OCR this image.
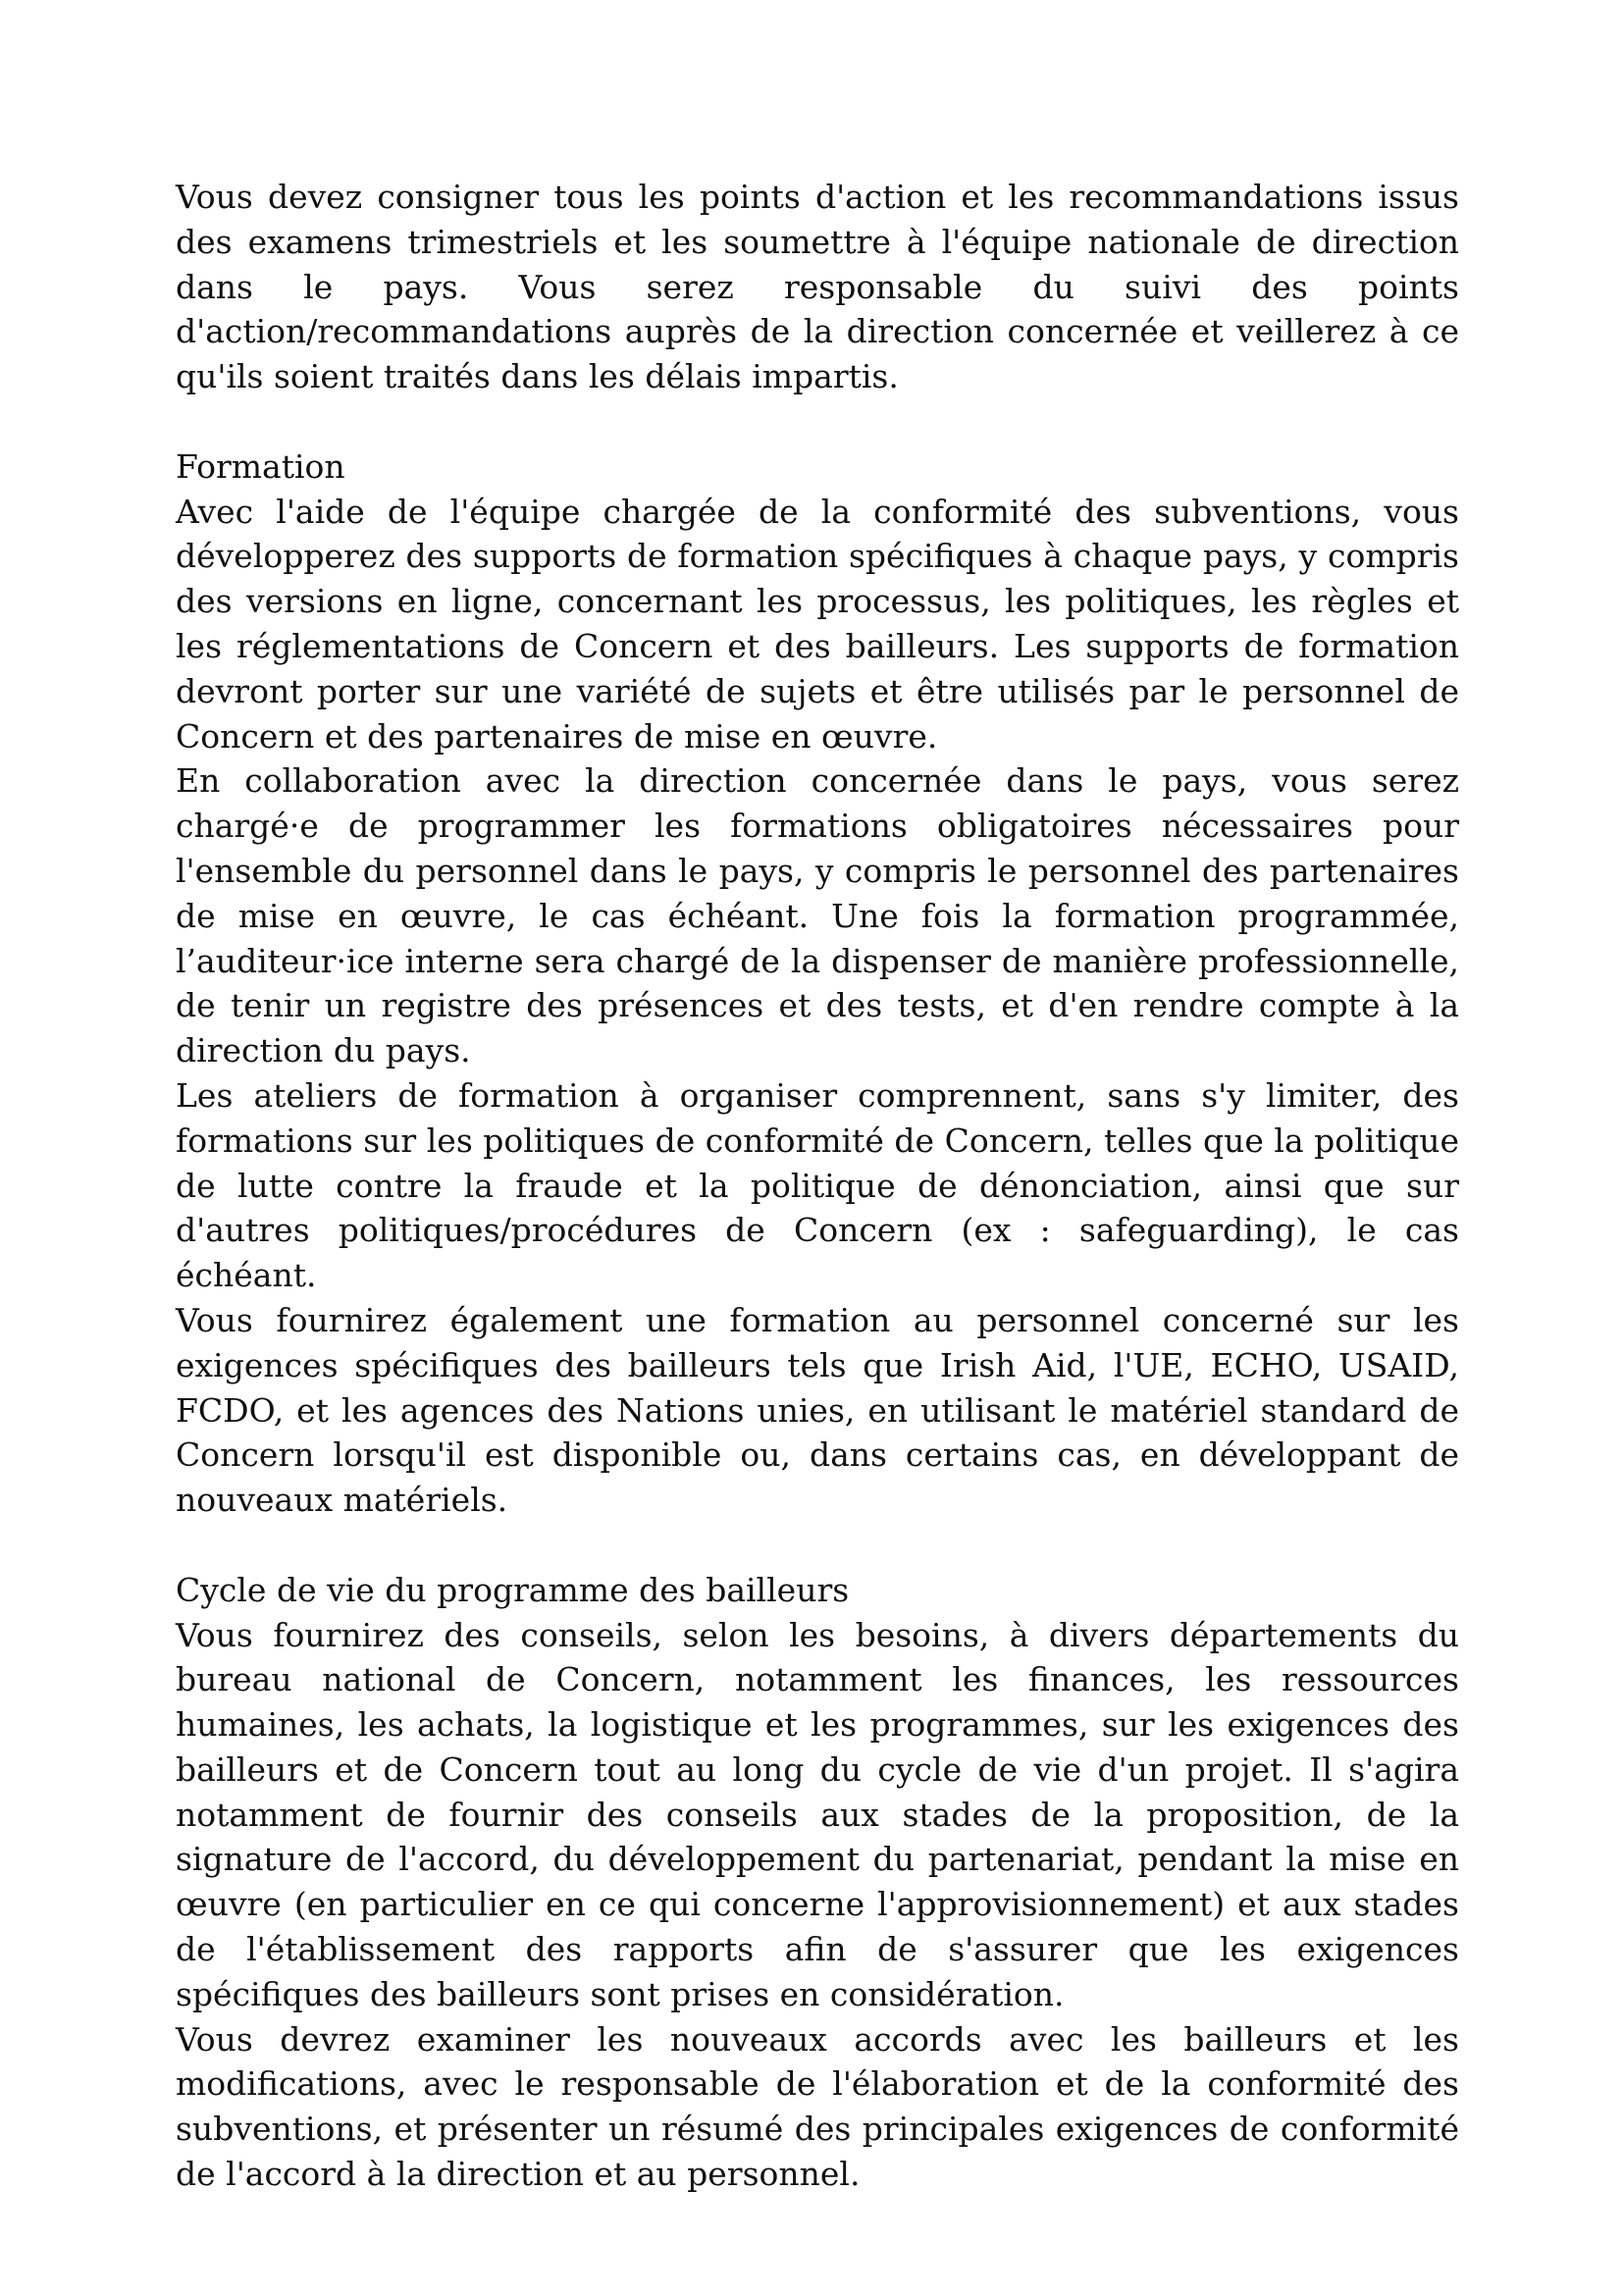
Vous devez consigner tous les points d'action et les recommandations issus des examens trimestriels et les soumettre à l'équipe nationale de direction dans le pays. Vous serez responsable du suivi des points d'action/recommandations auprès de la direction concernée et veillerez à ce qu'ils soient traités dans les délais impartis.

Formation

Avec l'aide de l'équipe chargée de la conformité des subventions, vous développerez des supports de formation spécifiques à chaque pays, y compris des versions en ligne, concernant les processus, les politiques, les règles et les réglementations de Concern et des bailleurs. Les supports de formation devront porter sur une variété de sujets et être utilisés par le personnel de Concern et des partenaires de mise en œuvre.

En collaboration avec la direction concernée dans le pays, vous serez chargé·e de programmer les formations obligatoires nécessaires pour l'ensemble du personnel dans le pays, y compris le personnel des partenaires de mise en œuvre, le cas échéant. Une fois la formation programmée, l’auditeur·ice interne sera chargé de la dispenser de manière professionnelle, de tenir un registre des présences et des tests, et d'en rendre compte à la direction du pays.

Les ateliers de formation à organiser comprennent, sans s'y limiter, des formations sur les politiques de conformité de Concern, telles que la politique de lutte contre la fraude et la politique de dénonciation, ainsi que sur d'autres politiques/procédures de Concern (ex : safeguarding), le cas échéant.

Vous fournirez également une formation au personnel concerné sur les exigences spécifiques des bailleurs tels que Irish Aid, l'UE, ECHO, USAID, FCDO, et les agences des Nations unies, en utilisant le matériel standard de Concern lorsqu'il est disponible ou, dans certains cas, en développant de nouveaux matériels.

Cycle de vie du programme des bailleurs

Vous fournirez des conseils, selon les besoins, à divers départements du bureau national de Concern, notamment les finances, les ressources humaines, les achats, la logistique et les programmes, sur les exigences des bailleurs et de Concern tout au long du cycle de vie d'un projet. Il s'agira notamment de fournir des conseils aux stades de la proposition, de la signature de l'accord, du développement du partenariat, pendant la mise en œuvre (en particulier en ce qui concerne l'approvisionnement) et aux stades de l'établissement des rapports afin de s'assurer que les exigences spécifiques des bailleurs sont prises en considération.

Vous devrez examiner les nouveaux accords avec les bailleurs et les modifications, avec le responsable de l'élaboration et de la conformité des subventions, et présenter un résumé des principales exigences de conformité de l'accord à la direction et au personnel.
